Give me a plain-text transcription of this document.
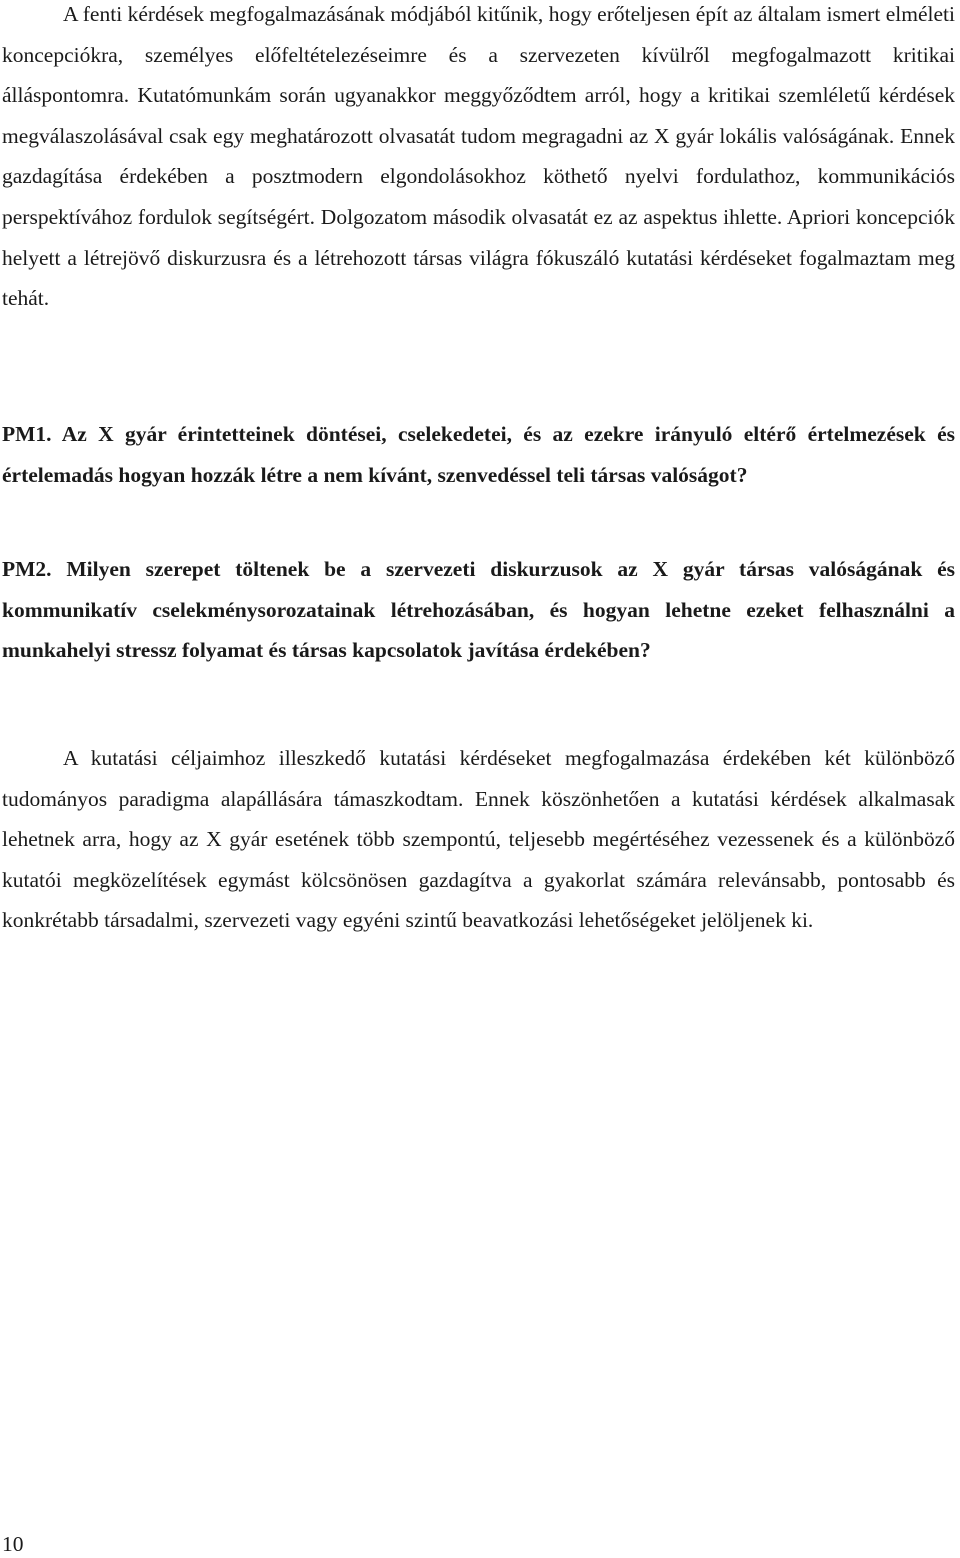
A fenti kérdések megfogalmazásának módjából kitűnik, hogy erőteljesen épít az általam ismert elméleti koncepciókra, személyes előfeltételezéseimre és a szervezeten kívülről megfogalmazott kritikai álláspontomra. Kutatómunkám során ugyanakkor meggyőződtem arról, hogy a kritikai szemléletű kérdések megválaszolásával csak egy meghatározott olvasatát tudom megragadni az X gyár lokális valóságának. Ennek gazdagítása érdekében a posztmodern elgondolásokhoz köthető nyelvi fordulathoz, kommunikációs perspektívához fordulok segítségért. Dolgozatom második olvasatát ez az aspektus ihlette. Apriori koncepciók helyett a létrejövő diskurzusra és a létrehozott társas világra fókuszáló kutatási kérdéseket fogalmaztam meg tehát.

PM1. Az X gyár érintetteinek döntései, cselekedetei, és az ezekre irányuló eltérő értelmezések és értelemadás hogyan hozzák létre a nem kívánt, szenvedéssel teli társas valóságot?

PM2. Milyen szerepet töltenek be a szervezeti diskurzusok az X gyár társas valóságának és kommunikatív cselekménysorozatainak létrehozásában, és hogyan lehetne ezeket felhasználni a munkahelyi stressz folyamat és társas kapcsolatok javítása érdekében?

A kutatási céljaimhoz illeszkedő kutatási kérdéseket megfogalmazása érdekében két különböző tudományos paradigma alapállására támaszkodtam. Ennek köszönhetően a kutatási kérdések alkalmasak lehetnek arra, hogy az X gyár esetének több szempontú, teljesebb megértéséhez vezessenek és a különböző kutatói megközelítések egymást kölcsönösen gazdagítva a gyakorlat számára relevánsabb, pontosabb és konkrétabb társadalmi, szervezeti vagy egyéni szintű beavatkozási lehetőségeket jelöljenek ki.

10
